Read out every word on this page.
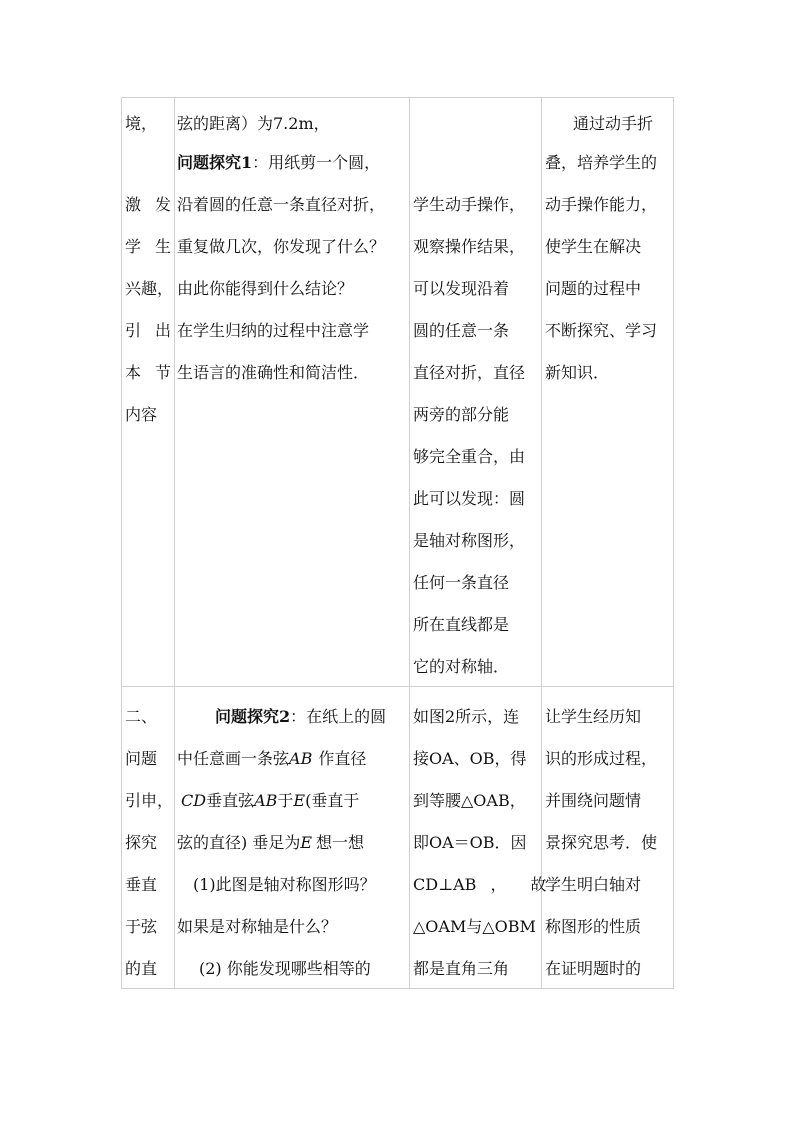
境，
激 发
学 生
兴趣，
引 出
本 节
内容
弦的距离）为7.2m，
问题探究1：用纸剪一个圆，
沿着圆的任意一条直径对折，
重复做几次，你发现了什么？
由此你能得到什么结论？
在学生归纳的过程中注意学
生语言的准确性和简洁性．
学生动手操作，
观察操作结果，
可以发现沿着
圆的任意一条
直径对折，直径
两旁的部分能
够完全重合，由
此可以发现：圆
是轴对称图形，
任何一条直径
所在直线都是
它的对称轴．
通过动手折
叠，培养学生的
动手操作能力，
使学生在解决
问题的过程中
不断探究、学习
新知识．
二、
问题
引申，
探究
垂直
于弦
的直
问题探究2：在纸上的圆
中任意画一条弦AB 作直径
CD垂直弦AB于E(垂直于
弦的直径) 垂足为E 想一想
(1)此图是轴对称图形吗？
如果是对称轴是什么？
(2) 你能发现哪些相等的
如图2所示，连
接OA、OB，得
到等腰△OAB，
即OA＝OB．因
CD⊥AB ， 故
△OAM与△OBM
都是直角三角
让学生经历知
识的形成过程，
并围绕问题情
景探究思考．使
学生明白轴对
称图形的性质
在证明题时的
